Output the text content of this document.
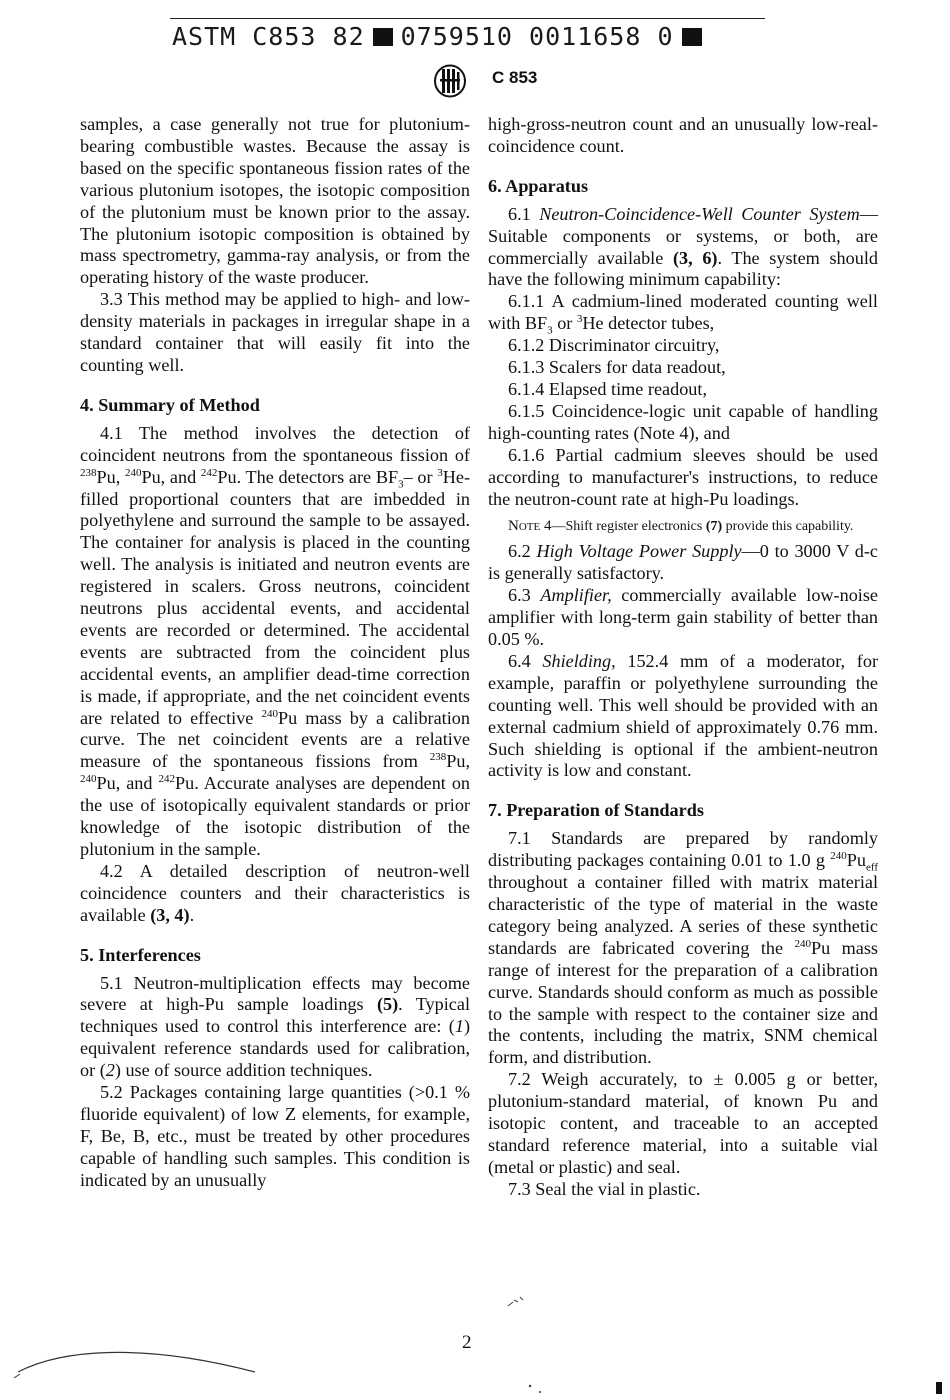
ASTM C853 82 0759510 0011658 0
C 853

samples, a case generally not true for plutonium-bearing combustible wastes. Because the assay is based on the specific spontaneous fission rates of the various plutonium isotopes, the isotopic composition of the plutonium must be known prior to the assay. The plutonium isotopic composition is obtained by mass spectrometry, gamma-ray analysis, or from the operating history of the waste producer.

3.3 This method may be applied to high- and low-density materials in packages in irregular shape in a standard container that will easily fit into the counting well.

4. Summary of Method

4.1 The method involves the detection of coincident neutrons from the spontaneous fission of $^{238}$Pu, $^{240}$Pu, and $^{242}$Pu. The detectors are $BF_3-$ or $^3$He-filled proportional counters that are imbedded in polyethylene and surround the sample to be assayed. The container for analysis is placed in the counting well. The analysis is initiated and neutron events are registered in scalers. Gross neutrons, coincident neutrons plus accidental events, and accidental events are recorded or determined. The accidental events are subtracted from the coincident plus accidental events, an amplifier dead-time correction is made, if appropriate, and the net coincident events are related to effective $^{240}$Pu mass by a calibration curve. The net coincident events are a relative measure of the spontaneous fissions from $^{238}$Pu, $^{240}$Pu, and $^{242}$Pu. Accurate analyses are dependent on the use of isotopically equivalent standards or prior knowledge of the isotopic distribution of the plutonium in the sample.

4.2 A detailed description of neutron-well coincidence counters and their characteristics is available (3, 4).

5. Interferences

5.1 Neutron-multiplication effects may become severe at high-Pu sample loadings (5). Typical techniques used to control this interference are: (1) equivalent reference standards used for calibration, or (2) use of source addition techniques.

5.2 Packages containing large quantities (>0.1 % fluoride equivalent) of low Z elements, for example, F, Be, B, etc., must be treated by other procedures capable of handling such samples. This condition is indicated by an unusually

high-gross-neutron count and an unusually low-real-coincidence count.

6. Apparatus

6.1 Neutron-Coincidence-Well Counter System—Suitable components or systems, or both, are commercially available (3, 6). The system should have the following minimum capability:

6.1.1 A cadmium-lined moderated counting well with $BF_3$ or $^3$He detector tubes,

6.1.2 Discriminator circuitry,

6.1.3 Scalers for data readout,

6.1.4 Elapsed time readout,

6.1.5 Coincidence-logic unit capable of handling high-counting rates (Note 4), and

6.1.6 Partial cadmium sleeves should be used according to manufacturer's instructions, to reduce the neutron-count rate at high-Pu loadings.

Note 4—Shift register electronics (7) provide this capability.

6.2 High Voltage Power Supply—0 to 3000 V d-c is generally satisfactory.

6.3 Amplifier, commercially available low-noise amplifier with long-term gain stability of better than 0.05 %.

6.4 Shielding, 152.4 mm of a moderator, for example, paraffin or polyethylene surrounding the counting well. This well should be provided with an external cadmium shield of approximately 0.76 mm. Such shielding is optional if the ambient-neutron activity is low and constant.

7. Preparation of Standards

7.1 Standards are prepared by randomly distributing packages containing 0.01 to 1.0 g $^{240}Pu_{eff}$ throughout a container filled with matrix material characteristic of the type of material in the waste category being analyzed. A series of these synthetic standards are fabricated covering the $^{240}$Pu mass range of interest for the preparation of a calibration curve. Standards should conform as much as possible to the sample with respect to the container size and the contents, including the matrix, SNM chemical form, and distribution.

7.2 Weigh accurately, to ± 0.005 g or better, plutonium-standard material, of known Pu and isotopic content, and traceable to an accepted standard reference material, into a suitable vial (metal or plastic) and seal.

7.3 Seal the vial in plastic.

2
